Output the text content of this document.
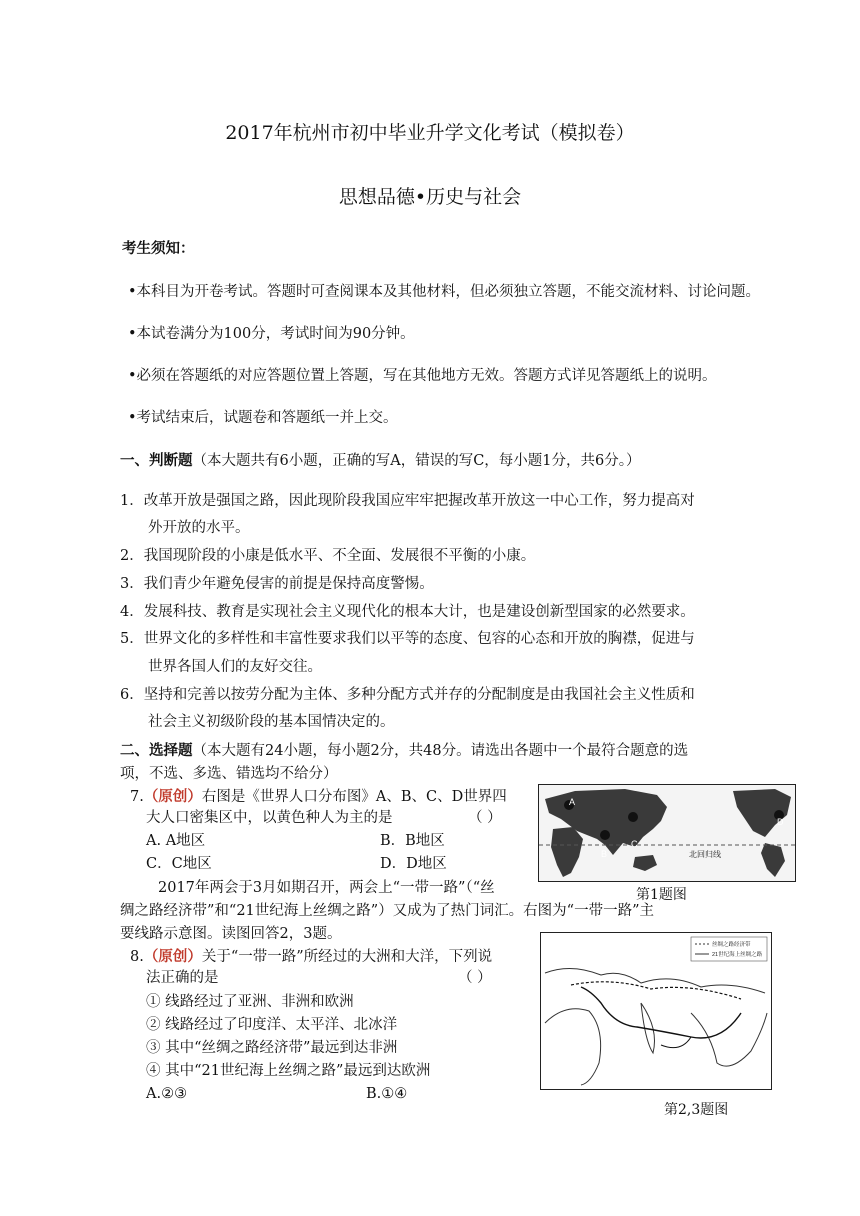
2017年杭州市初中毕业升学文化考试（模拟卷）
思想品德•历史与社会
考生须知：
•本科目为开卷考试。答题时可查阅课本及其他材料，但必须独立答题，不能交流材料、讨论问题。
•本试卷满分为100分，考试时间为90分钟。
•必须在答题纸的对应答题位置上答题，写在其他地方无效。答题方式详见答题纸上的说明。
•考试结束后，试题卷和答题纸一并上交。
一、判断题（本大题共有6小题，正确的写A，错误的写C，每小题1分，共6分。）
1．改革开放是强国之路，因此现阶段我国应牢牢把握改革开放这一中心工作，努力提高对
外开放的水平。
2．我国现阶段的小康是低水平、不全面、发展很不平衡的小康。
3．我们青少年避免侵害的前提是保持高度警惕。
4．发展科技、教育是实现社会主义现代化的根本大计，也是建设创新型国家的必然要求。
5．世界文化的多样性和丰富性要求我们以平等的态度、包容的心态和开放的胸襟，促进与
世界各国人们的友好交往。
6．坚持和完善以按劳分配为主体、多种分配方式并存的分配制度是由我国社会主义性质和
社会主义初级阶段的基本国情决定的。
二、选择题（本大题有24小题，每小题2分，共48分。请选出各题中一个最符合题意的选
项，不选、多选、错选均不给分）
7.（原创）右图是《世界人口分布图》A、B、C、D世界四
大人口密集区中，以黄色种人为主的是	（ ）
A. A地区	B．B地区
C．C地区	D．D地区
A
B
C
D
北回归线
第1题图
2017年两会于3月如期召开，两会上“一带一路”（“丝
绸之路经济带”和“21世纪海上丝绸之路”）又成为了热门词汇。右图为“一带一路”主
要线路示意图。读图回答2，3题。
8.（原创）关于“一带一路”所经过的大洲和大洋，下列说
法正确的是	（ ）
① 线路经过了亚洲、非洲和欧洲
② 线路经过了印度洋、太平洋、北冰洋
③ 其中“丝绸之路经济带”最远到达非洲
④ 其中“21世纪海上丝绸之路”最远到达欧洲
A.②③	B.①④
丝绸之路经济带
21世纪海上丝绸之路
第2,3题图
